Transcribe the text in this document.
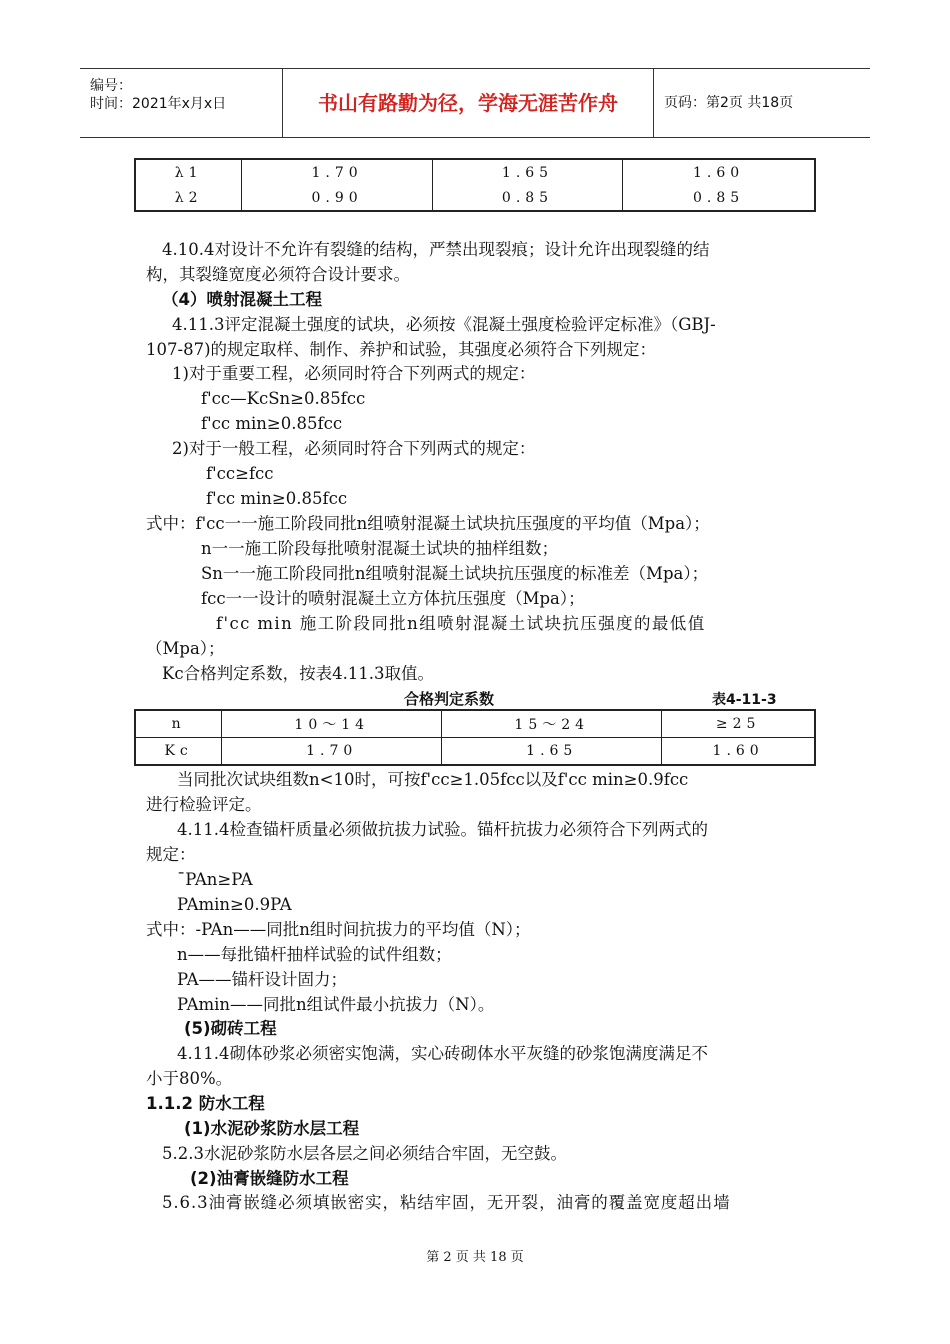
编号：
时间：2021年x月x日	书山有路勤为径，学海无涯苦作舟	页码：第2页 共18页
λ1	1.70	1.65	1.60
λ2	0.90	0.85	0.85
4.10.4对设计不允许有裂缝的结构，严禁出现裂痕；设计允许出现裂缝的结
构，其裂缝宽度必须符合设计要求。
（4）喷射混凝土工程
4.11.3评定混凝土强度的试块，必须按《混凝土强度检验评定标准》（GBJ-
107-87)的规定取样、制作、养护和试验，其强度必须符合下列规定：
1)对于重要工程，必须同时符合下列两式的规定：
f'cc—KcSn≥0.85fcc
f'cc min≥0.85fcc
2)对于一般工程，必须同时符合下列两式的规定：
f'cc≥fcc
f'cc min≥0.85fcc
式中：f'cc一一施工阶段同批n组喷射混凝土试块抗压强度的平均值（Mpa）；
n一一施工阶段每批喷射混凝土试块的抽样组数；
Sn一一施工阶段同批n组喷射混凝土试块抗压强度的标准差（Mpa）；
fcc一一设计的喷射混凝土立方体抗压强度（Mpa）；
f'cc min 施工阶段同批n组喷射混凝土试块抗压强度的最低值
（Mpa）；
Kc合格判定系数，按表4.11.3取值。
合格判定系数	表4-11-3
n	10～14	15～24	≥25
Kc	1.70	1.65	1.60
当同批次试块组数n<10时，可按f'cc≥1.05fcc以及f'cc min≥0.9fcc
进行检验评定。
4.11.4检查锚杆质量必须做抗拔力试验。锚杆抗拔力必须符合下列两式的
规定：
¯PAn≥PA
PAmin≥0.9PA
式中：-PAn——同批n组时间抗拔力的平均值（N）；
n——每批锚杆抽样试验的试件组数；
PA——锚杆设计固力；
PAmin——同批n组试件最小抗拔力（N）。
(5)砌砖工程
4.11.4砌体砂浆必须密实饱满，实心砖砌体水平灰缝的砂浆饱满度满足不
小于80%。
1.1.2 防水工程
(1)水泥砂浆防水层工程
5.2.3水泥砂浆防水层各层之间必须结合牢固，无空鼓。
(2)油膏嵌缝防水工程
5.6.3油膏嵌缝必须填嵌密实，粘结牢固，无开裂，油膏的覆盖宽度超出墙
第 2 页 共 18 页
